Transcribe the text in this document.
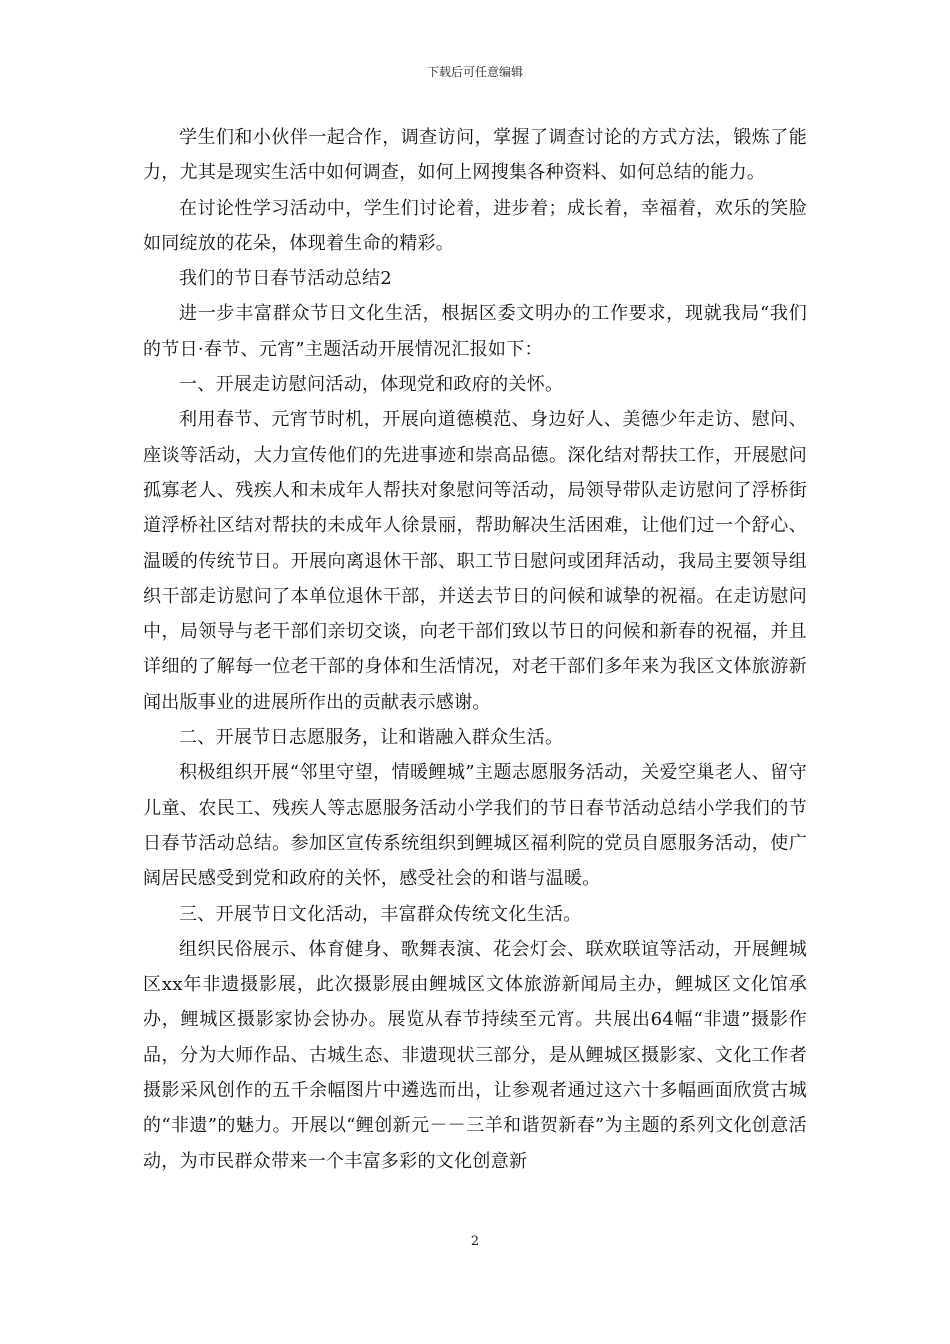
下载后可任意编辑

学生们和小伙伴一起合作，调查访问，掌握了调查讨论的方式方法，锻炼了能力，尤其是现实生活中如何调查，如何上网搜集各种资料、如何总结的能力。

在讨论性学习活动中，学生们讨论着，进步着；成长着，幸福着，欢乐的笑脸如同绽放的花朵，体现着生命的精彩。

我们的节日春节活动总结2

进一步丰富群众节日文化生活，根据区委文明办的工作要求，现就我局“我们的节日·春节、元宵”主题活动开展情况汇报如下：

一、开展走访慰问活动，体现党和政府的关怀。

利用春节、元宵节时机，开展向道德模范、身边好人、美德少年走访、慰问、座谈等活动，大力宣传他们的先进事迹和崇高品德。深化结对帮扶工作，开展慰问孤寡老人、残疾人和未成年人帮扶对象慰问等活动，局领导带队走访慰问了浮桥街道浮桥社区结对帮扶的未成年人徐景丽，帮助解决生活困难，让他们过一个舒心、温暖的传统节日。开展向离退休干部、职工节日慰问或团拜活动，我局主要领导组织干部走访慰问了本单位退休干部，并送去节日的问候和诚挚的祝福。在走访慰问中，局领导与老干部们亲切交谈，向老干部们致以节日的问候和新春的祝福，并且详细的了解每一位老干部的身体和生活情况，对老干部们多年来为我区文体旅游新闻出版事业的进展所作出的贡献表示感谢。

二、开展节日志愿服务，让和谐融入群众生活。

积极组织开展“邻里守望，情暖鲤城”主题志愿服务活动，关爱空巢老人、留守儿童、农民工、残疾人等志愿服务活动小学我们的节日春节活动总结小学我们的节日春节活动总结。参加区宣传系统组织到鲤城区福利院的党员自愿服务活动，使广阔居民感受到党和政府的关怀，感受社会的和谐与温暖。

三、开展节日文化活动，丰富群众传统文化生活。

组织民俗展示、体育健身、歌舞表演、花会灯会、联欢联谊等活动，开展鲤城区xx年非遗摄影展，此次摄影展由鲤城区文体旅游新闻局主办，鲤城区文化馆承办，鲤城区摄影家协会协办。展览从春节持续至元宵。共展出64幅“非遗”摄影作品，分为大师作品、古城生态、非遗现状三部分，是从鲤城区摄影家、文化工作者摄影采风创作的五千余幅图片中遴选而出，让参观者通过这六十多幅画面欣赏古城的“非遗”的魅力。开展以“鲤创新元－－三羊和谐贺新春”为主题的系列文化创意活动，为市民群众带来一个丰富多彩的文化创意新

2
